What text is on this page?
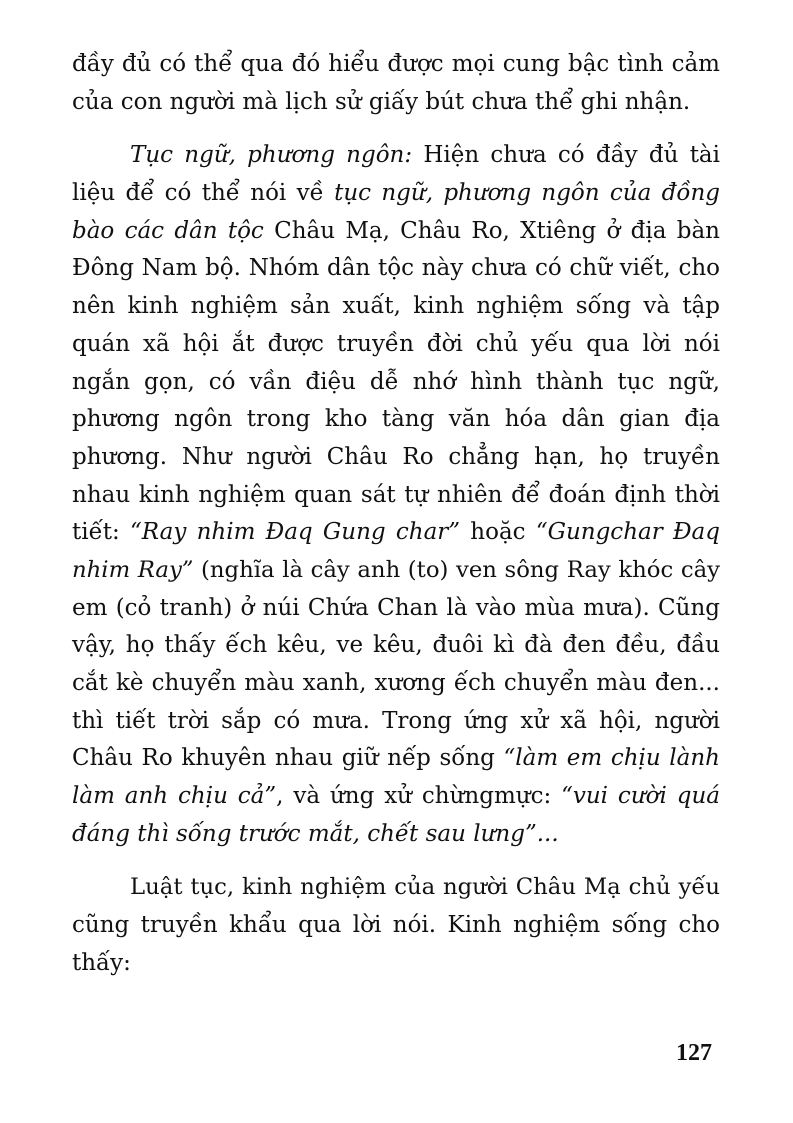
đầy đủ có thể qua đó hiểu được mọi cung bậc tình cảm
của con người mà lịch sử giấy bút chưa thể ghi nhận.
Tục ngữ, phương ngôn: Hiện chưa có đầy đủ tài
liệu để có thể nói về tục ngữ, phương ngôn của đồng
bào các dân tộc Châu Mạ, Châu Ro, Xtiêng ở địa bàn
Đông Nam bộ. Nhóm dân tộc này chưa có chữ viết, cho
nên kinh nghiệm sản xuất, kinh nghiệm sống và tập
quán xã hội ắt được truyền đời chủ yếu qua lời nói
ngắn gọn, có vần điệu dễ nhớ hình thành tục ngữ,
phương ngôn trong kho tàng văn hóa dân gian địa
phương. Như người Châu Ro chẳng hạn, họ truyền
nhau kinh nghiệm quan sát tự nhiên để đoán định thời
tiết: “Ray nhim Đaq Gung char” hoặc “Gungchar Đaq
nhim Ray” (nghĩa là cây anh (to) ven sông Ray khóc cây
em (cỏ tranh) ở núi Chứa Chan là vào mùa mưa). Cũng
vậy, họ thấy ếch kêu, ve kêu, đuôi kì đà đen đều, đầu
cắt kè chuyển màu xanh, xương ếch chuyển màu đen...
thì tiết trời sắp có mưa. Trong ứng xử xã hội, người
Châu Ro khuyên nhau giữ nếp sống “làm em chịu lành
làm anh chịu cả”, và ứng xử chừngmực: “vui cười quá
đáng thì sống trước mắt, chết sau lưng”...
Luật tục, kinh nghiệm của người Châu Mạ chủ yếu
cũng truyền khẩu qua lời nói. Kinh nghiệm sống cho
thấy:
127
